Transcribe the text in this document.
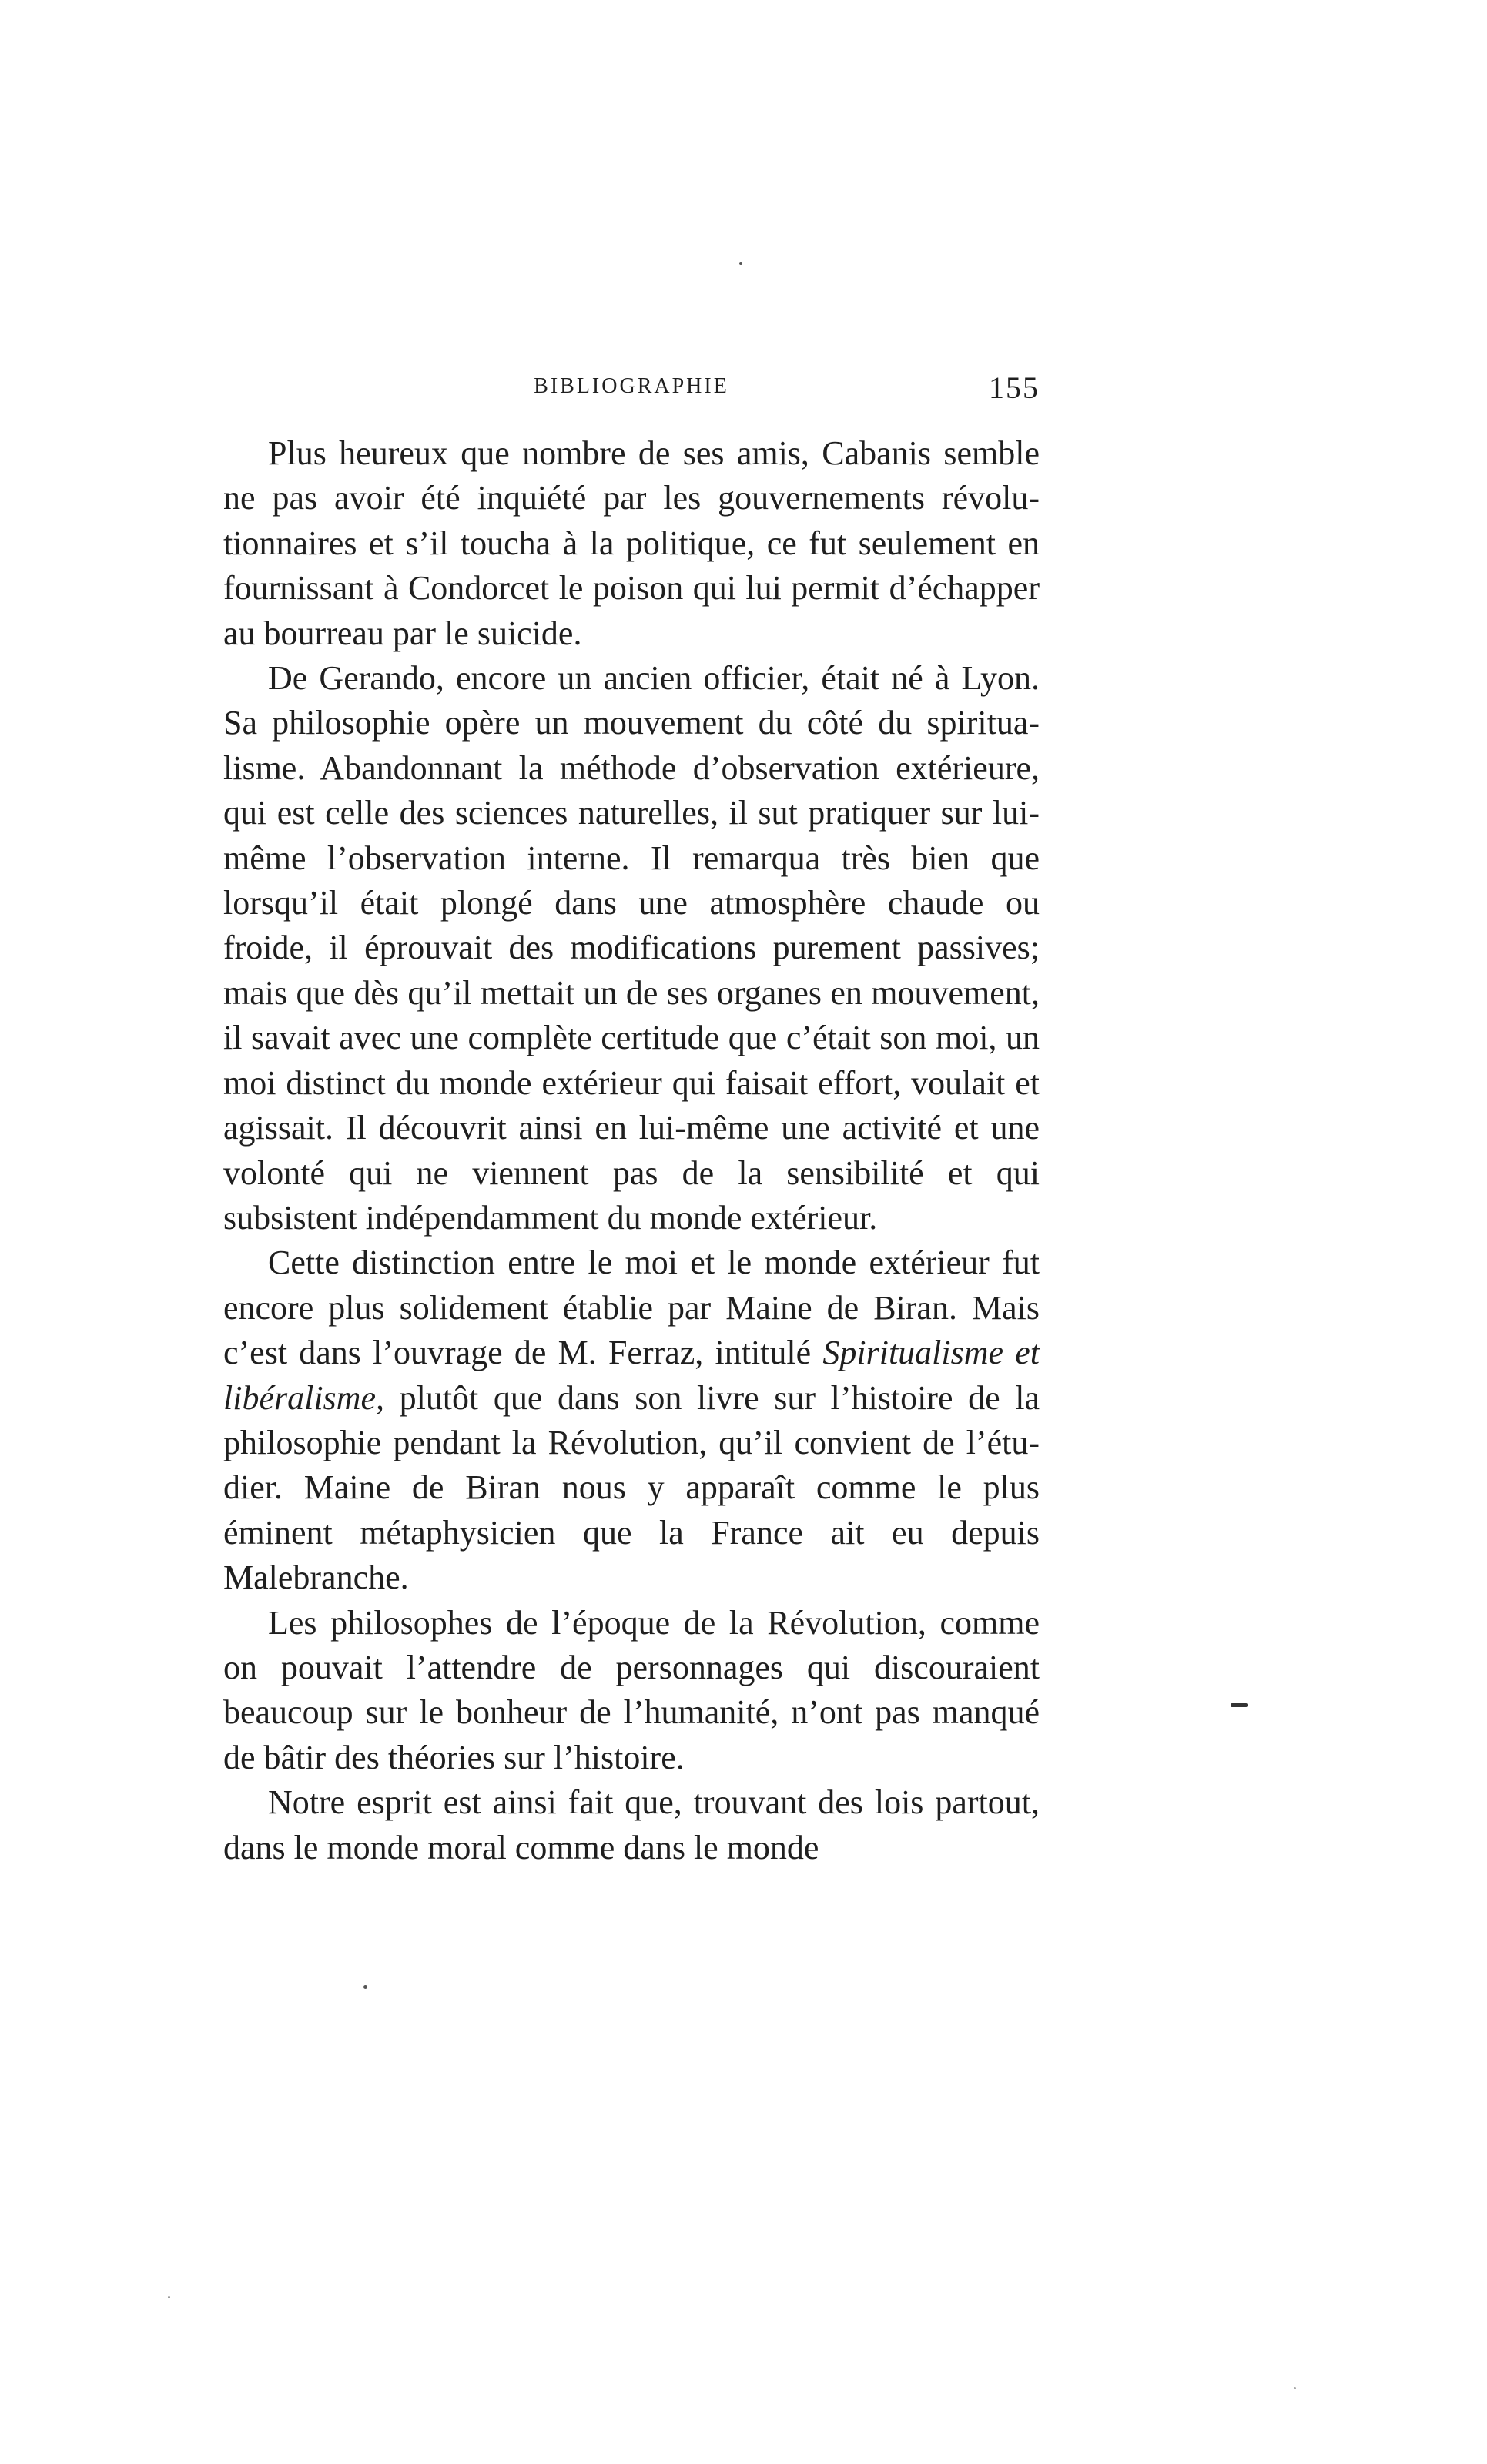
BIBLIOGRAPHIE	155

Plus heureux que nombre de ses amis, Cabanis semble ne pas avoir été inquiété par les gouvernements révolutionnaires et s’il toucha à la politique, ce fut seulement en fournissant à Condorcet le poison qui lui permit d’échapper au bourreau par le suicide.

De Gerando, encore un ancien officier, était né à Lyon. Sa philosophie opère un mouvement du côté du spiritualisme. Abandonnant la méthode d’observation extérieure, qui est celle des sciences naturelles, il sut pratiquer sur lui-même l’observation interne. Il remarqua très bien que lorsqu’il était plongé dans une atmosphère chaude ou froide, il éprouvait des modifications purement passives; mais que dès qu’il mettait un de ses organes en mouvement, il savait avec une complète certitude que c’était son moi, un moi distinct du monde extérieur qui faisait effort, voulait et agissait. Il découvrit ainsi en lui-même une activité et une volonté qui ne viennent pas de la sensibilité et qui subsistent indépendamment du monde extérieur.

Cette distinction entre le moi et le monde extérieur fut encore plus solidement établie par Maine de Biran. Mais c’est dans l’ouvrage de M. Ferraz, intitulé Spiritualisme et libéralisme, plutôt que dans son livre sur l’histoire de la philosophie pendant la Révolution, qu’il convient de l’étudier. Maine de Biran nous y apparaît comme le plus éminent métaphysicien que la France ait eu depuis Malebranche.

Les philosophes de l’époque de la Révolution, comme on pouvait l’attendre de personnages qui discouraient beaucoup sur le bonheur de l’humanité, n’ont pas manqué de bâtir des théories sur l’histoire.

Notre esprit est ainsi fait que, trouvant des lois partout, dans le monde moral comme dans le monde
